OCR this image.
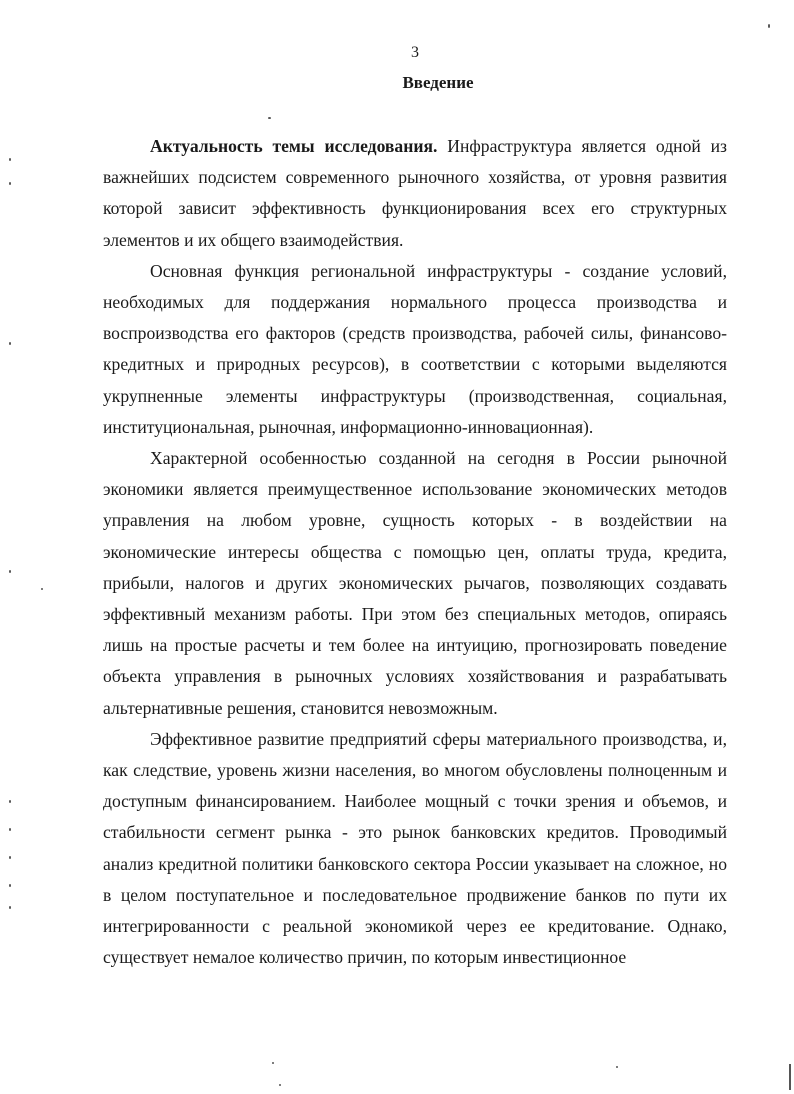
3
Введение

Актуальность темы исследования. Инфраструктура является одной из важнейших подсистем современного рыночного хозяйства, от уровня развития которой зависит эффективность функционирования всех его структурных элементов и их общего взаимодействия.

Основная функция региональной инфраструктуры - создание условий, необходимых для поддержания нормального процесса производства и воспроизводства его факторов (средств производства, рабочей силы, финансово-кредитных и природных ресурсов), в соответствии с которыми выделяются укрупненные элементы инфраструктуры (производственная, социальная, институциональная, рыночная, информационно-инновационная).

Характерной особенностью созданной на сегодня в России рыночной экономики является преимущественное использование экономических методов управления на любом уровне, сущность которых - в воздействии на экономические интересы общества с помощью цен, оплаты труда, кредита, прибыли, налогов и других экономических рычагов, позволяющих создавать эффективный механизм работы. При этом без специальных методов, опираясь лишь на простые расчеты и тем более на интуицию, прогнозировать поведение объекта управления в рыночных условиях хозяйствования и разрабатывать альтернативные решения, становится невозможным.

Эффективное развитие предприятий сферы материального производства, и, как следствие, уровень жизни населения, во многом обусловлены полноценным и доступным финансированием. Наиболее мощный с точки зрения и объемов, и стабильности сегмент рынка - это рынок банковских кредитов. Проводимый анализ кредитной политики банковского сектора России указывает на сложное, но в целом поступательное и последовательное продвижение банков по пути их интегрированности с реальной экономикой через ее кредитование. Однако, существует немалое количество причин, по которым инвестиционное
